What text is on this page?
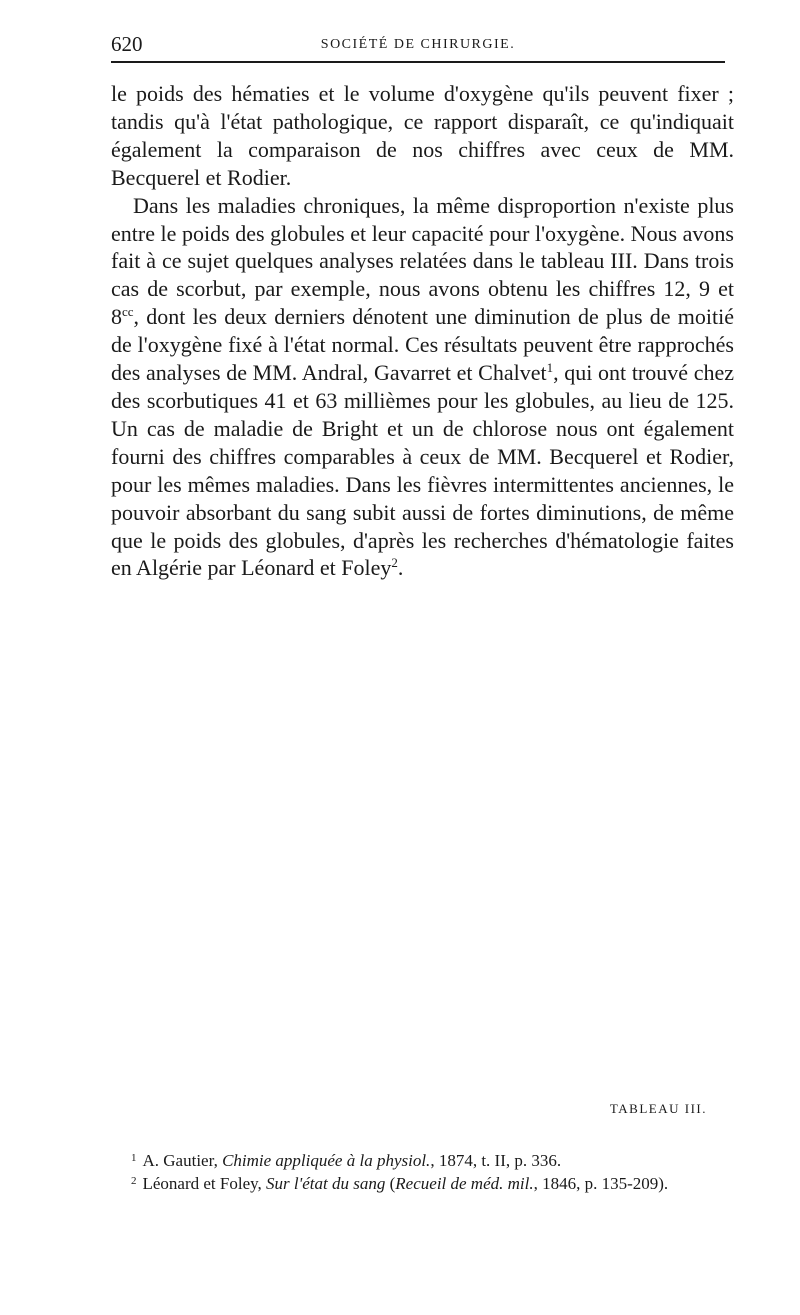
620	SOCIÉTÉ DE CHIRURGIE.

le poids des hématies et le volume d'oxygène qu'ils peuvent fixer ; tandis qu'à l'état pathologique, ce rapport disparaît, ce qu'indiquait également la comparaison de nos chiffres avec ceux de MM. Becquerel et Rodier.

Dans les maladies chroniques, la même disproportion n'existe plus entre le poids des globules et leur capacité pour l'oxygène. Nous avons fait à ce sujet quelques analyses relatées dans le tableau III. Dans trois cas de scorbut, par exemple, nous avons obtenu les chiffres 12, 9 et $8^{cc}$, dont les deux derniers dénotent une diminution de plus de moitié de l'oxygène fixé à l'état normal. Ces résultats peuvent être rapprochés des analyses de MM. Andral, Gavarret et Chalvet$^1$, qui ont trouvé chez des scorbutiques 41 et 63 millièmes pour les globules, au lieu de 125. Un cas de maladie de Bright et un de chlorose nous ont également fourni des chiffres comparables à ceux de MM. Becquerel et Rodier, pour les mêmes maladies. Dans les fièvres intermittentes anciennes, le pouvoir absorbant du sang subit aussi de fortes diminutions, de même que le poids des globules, d'après les recherches d'hématologie faites en Algérie par Léonard et Foley$^2$.

TABLEAU III.

$^1$ A. Gautier, Chimie appliquée à la physiol., 1874, t. II, p. 336.

$^2$ Léonard et Foley, Sur l'état du sang (Recueil de méd. mil., 1846, p. 135-209).
